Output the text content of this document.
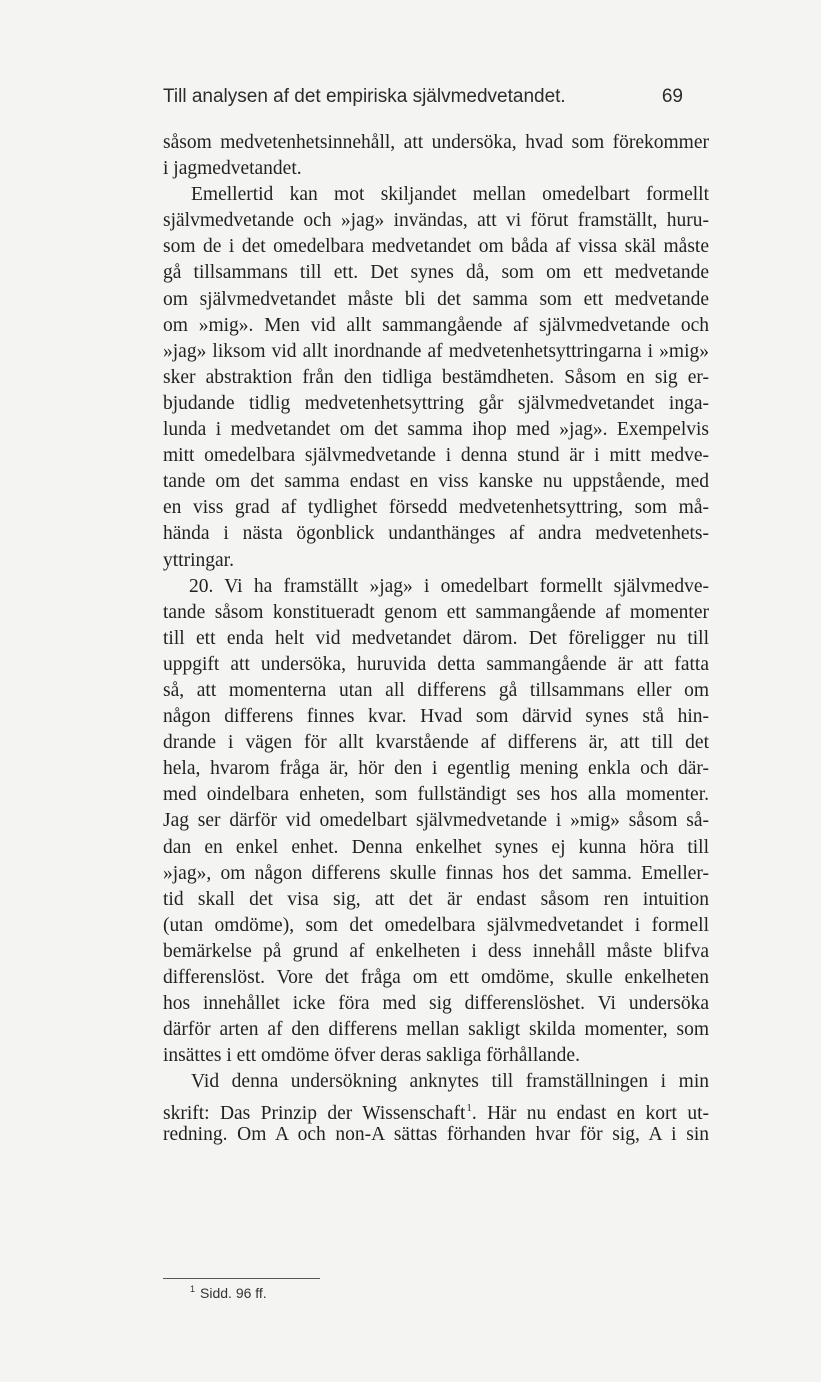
Till analysen af det empiriska självmedvetandet.	69
såsom medvetenhetsinnehåll, att undersöka, hvad som förekommer
i jagmedvetandet.
Emellertid kan mot skiljandet mellan omedelbart formellt
självmedvetande och »jag» invändas, att vi förut framställt, huru-
som de i det omedelbara medvetandet om båda af vissa skäl måste
gå tillsammans till ett. Det synes då, som om ett medvetande
om självmedvetandet måste bli det samma som ett medvetande
om »mig». Men vid allt sammangående af självmedvetande och
»jag» liksom vid allt inordnande af medvetenhetsyttringarna i »mig»
sker abstraktion från den tidliga bestämdheten. Såsom en sig er-
bjudande tidlig medvetenhetsyttring går självmedvetandet inga-
lunda i medvetandet om det samma ihop med »jag». Exempelvis
mitt omedelbara självmedvetande i denna stund är i mitt medve-
tande om det samma endast en viss kanske nu uppstående, med
en viss grad af tydlighet försedd medvetenhetsyttring, som må-
hända i nästa ögonblick undanthänges af andra medvetenhets-
yttringar.
20. Vi ha framställt »jag» i omedelbart formellt självmedve-
tande såsom konstitueradt genom ett sammangående af momenter
till ett enda helt vid medvetandet därom. Det föreligger nu till
uppgift att undersöka, huruvida detta sammangående är att fatta
så, att momenterna utan all differens gå tillsammans eller om
någon differens finnes kvar. Hvad som därvid synes stå hin-
drande i vägen för allt kvarstående af differens är, att till det
hela, hvarom fråga är, hör den i egentlig mening enkla och där-
med oindelbara enheten, som fullständigt ses hos alla momenter.
Jag ser därför vid omedelbart självmedvetande i »mig» såsom så-
dan en enkel enhet. Denna enkelhet synes ej kunna höra till
»jag», om någon differens skulle finnas hos det samma. Emeller-
tid skall det visa sig, att det är endast såsom ren intuition
(utan omdöme), som det omedelbara självmedvetandet i formell
bemärkelse på grund af enkelheten i dess innehåll måste blifva
differenslöst. Vore det fråga om ett omdöme, skulle enkelheten
hos innehållet icke föra med sig differenslöshet. Vi undersöka
därför arten af den differens mellan sakligt skilda momenter, som
insättes i ett omdöme öfver deras sakliga förhållande.
Vid denna undersökning anknytes till framställningen i min
skrift: Das Prinzip der Wissenschaft$^1$. Här nu endast en kort ut-
redning. Om A och non-A sättas förhanden hvar för sig, A i sin
$^1$ Sidd. 96 ff.
